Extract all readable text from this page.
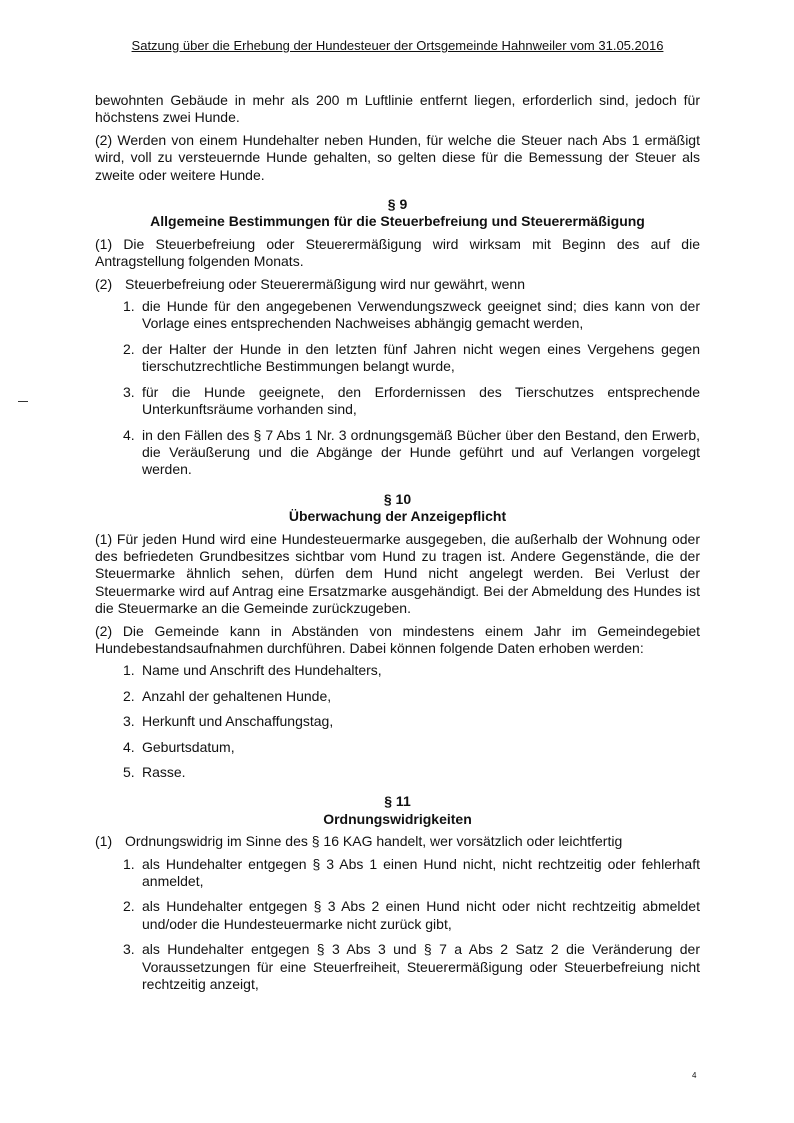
Satzung über die Erhebung der Hundesteuer der Ortsgemeinde Hahnweiler vom 31.05.2016

bewohnten Gebäude in mehr als 200 m Luftlinie entfernt liegen, erforderlich sind, jedoch für höchstens zwei Hunde.

(2) Werden von einem Hundehalter neben Hunden, für welche die Steuer nach Abs 1 ermäßigt wird, voll zu versteuernde Hunde gehalten, so gelten diese für die Bemessung der Steuer als zweite oder weitere Hunde.

§ 9
Allgemeine Bestimmungen für die Steuerbefreiung und Steuerermäßigung

(1) Die Steuerbefreiung oder Steuerermäßigung wird wirksam mit Beginn des auf die Antragstellung folgenden Monats.

(2) Steuerbefreiung oder Steuerermäßigung wird nur gewährt, wenn
1. die Hunde für den angegebenen Verwendungszweck geeignet sind; dies kann von der Vorlage eines entsprechenden Nachweises abhängig gemacht werden,
2. der Halter der Hunde in den letzten fünf Jahren nicht wegen eines Vergehens gegen tierschutzrechtliche Bestimmungen belangt wurde,
3. für die Hunde geeignete, den Erfordernissen des Tierschutzes entsprechende Unterkunftsräume vorhanden sind,
4. in den Fällen des § 7 Abs 1 Nr. 3 ordnungsgemäß Bücher über den Bestand, den Erwerb, die Veräußerung und die Abgänge der Hunde geführt und auf Verlangen vorgelegt werden.
§ 10
Überwachung der Anzeigepflicht

(1) Für jeden Hund wird eine Hundesteuermarke ausgegeben, die außerhalb der Wohnung oder des befriedeten Grundbesitzes sichtbar vom Hund zu tragen ist. Andere Gegenstände, die der Steuermarke ähnlich sehen, dürfen dem Hund nicht angelegt werden. Bei Verlust der Steuermarke wird auf Antrag eine Ersatzmarke ausgehändigt. Bei der Abmeldung des Hundes ist die Steuermarke an die Gemeinde zurückzugeben.

(2) Die Gemeinde kann in Abständen von mindestens einem Jahr im Gemeindegebiet Hundebestandsaufnahmen durchführen. Dabei können folgende Daten erhoben werden:

1. Name und Anschrift des Hundehalters,
2. Anzahl der gehaltenen Hunde,
3. Herkunft und Anschaffungstag,
4. Geburtsdatum,
5. Rasse.
§ 11
Ordnungswidrigkeiten
(1) Ordnungswidrig im Sinne des § 16 KAG handelt, wer vorsätzlich oder leichtfertig
1. als Hundehalter entgegen § 3 Abs 1 einen Hund nicht, nicht rechtzeitig oder fehlerhaft anmeldet,
2. als Hundehalter entgegen § 3 Abs 2 einen Hund nicht oder nicht rechtzeitig abmeldet und/oder die Hundesteuermarke nicht zurück gibt,
3. als Hundehalter entgegen § 3 Abs 3 und § 7 a Abs 2 Satz 2 die Veränderung der Voraussetzungen für eine Steuerfreiheit, Steuerermäßigung oder Steuerbefreiung nicht rechtzeitig anzeigt,
4
